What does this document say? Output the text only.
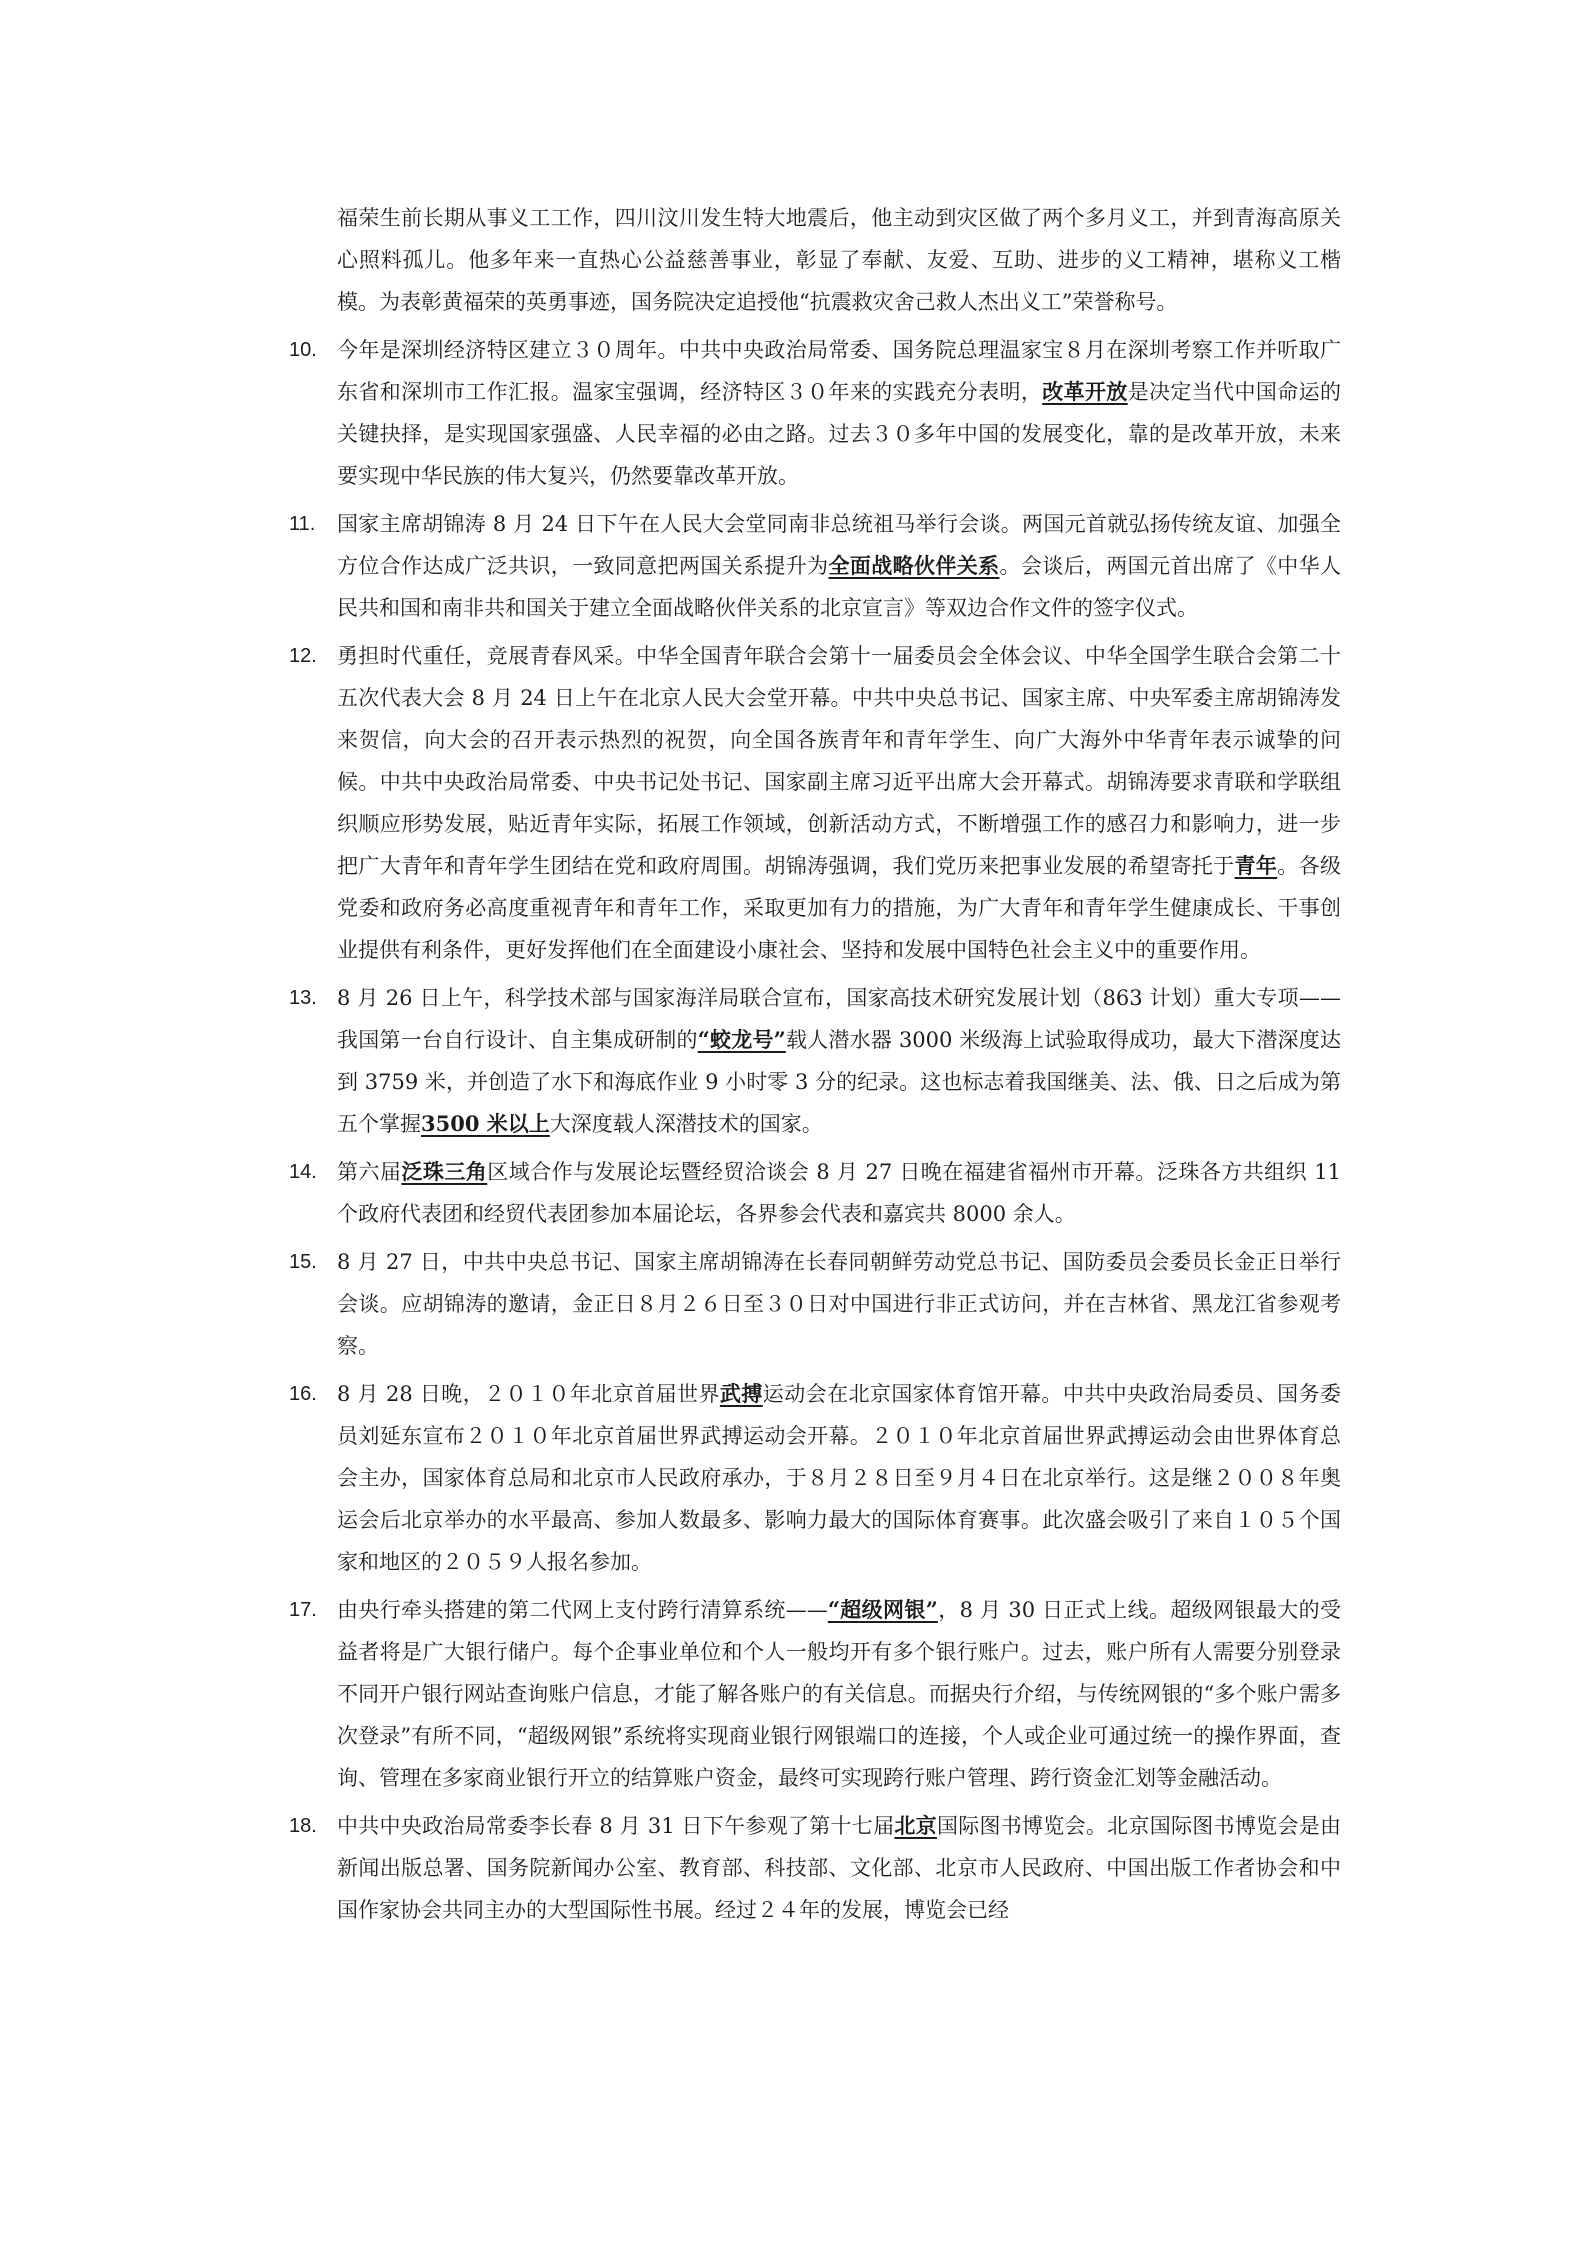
福荣生前长期从事义工工作，四川汶川发生特大地震后，他主动到灾区做了两个多月义工，并到青海高原关心照料孤儿。他多年来一直热心公益慈善事业，彰显了奉献、友爱、互助、进步的义工精神，堪称义工楷模。为表彰黄福荣的英勇事迹，国务院决定追授他“抗震救灾舍己救人杰出义工”荣誉称号。

10. 今年是深圳经济特区建立３０周年。中共中央政治局常委、国务院总理温家宝８月在深圳考察工作并听取广东省和深圳市工作汇报。温家宝强调，经济特区３０年来的实践充分表明，改革开放是决定当代中国命运的关键抉择，是实现国家强盛、人民幸福的必由之路。过去３０多年中国的发展变化，靠的是改革开放，未来要实现中华民族的伟大复兴，仍然要靠改革开放。

11.	国家主席胡锦涛 8 月 24 日下午在人民大会堂同南非总统祖马举行会谈。两国元首就弘扬传统友谊、加强全方位合作达成广泛共识，一致同意把两国关系提升为全面战略伙伴关系。会谈后，两国元首出席了《中华人民共和国和南非共和国关于建立全面战略伙伴关系的北京宣言》等双边合作文件的签字仪式。

12. 勇担时代重任，竞展青春风采。中华全国青年联合会第十一届委员会全体会议、中华全国学生联合会第二十五次代表大会 8 月 24 日上午在北京人民大会堂开幕。中共中央总书记、国家主席、中央军委主席胡锦涛发来贺信，向大会的召开表示热烈的祝贺，向全国各族青年和青年学生、向广大海外中华青年表示诚挚的问候。中共中央政治局常委、中央书记处书记、国家副主席习近平出席大会开幕式。胡锦涛要求青联和学联组织顺应形势发展，贴近青年实际，拓展工作领域，创新活动方式，不断增强工作的感召力和影响力，进一步把广大青年和青年学生团结在党和政府周围。胡锦涛强调，我们党历来把事业发展的希望寄托于青年。各级党委和政府务必高度重视青年和青年工作，采取更加有力的措施，为广大青年和青年学生健康成长、干事创业提供有利条件，更好发挥他们在全面建设小康社会、坚持和发展中国特色社会主义中的重要作用。

13. 8 月 26 日上午，科学技术部与国家海洋局联合宣布，国家高技术研究发展计划（863 计划）重大专项——我国第一台自行设计、自主集成研制的“蛟龙号”载人潜水器 3000 米级海上试验取得成功，最大下潜深度达到 3759 米，并创造了水下和海底作业 9 小时零 3 分的纪录。这也标志着我国继美、法、俄、日之后成为第五个掌握3500 米以上大深度载人深潜技术的国家。

14. 第六届泛珠三角区域合作与发展论坛暨经贸洽谈会 8 月 27 日晚在福建省福州市开幕。泛珠各方共组织 11 个政府代表团和经贸代表团参加本届论坛，各界参会代表和嘉宾共 8000 余人。

15. 8 月 27 日，中共中央总书记、国家主席胡锦涛在长春同朝鲜劳动党总书记、国防委员会委员长金正日举行会谈。应胡锦涛的邀请，金正日８月２６日至３０日对中国进行非正式访问，并在吉林省、黑龙江省参观考察。

16. 8 月 28 日晚，２０１０年北京首届世界武搏运动会在北京国家体育馆开幕。中共中央政治局委员、国务委员刘延东宣布２０１０年北京首届世界武搏运动会开幕。２０１０年北京首届世界武搏运动会由世界体育总会主办，国家体育总局和北京市人民政府承办，于８月２８日至９月４日在北京举行。这是继２００８年奥运会后北京举办的水平最高、参加人数最多、影响力最大的国际体育赛事。此次盛会吸引了来自１０５个国家和地区的２０５９人报名参加。

17. 由央行牵头搭建的第二代网上支付跨行清算系统——“超级网银”，8 月 30 日正式上线。超级网银最大的受益者将是广大银行储户。每个企事业单位和个人一般均开有多个银行账户。过去，账户所有人需要分别登录不同开户银行网站查询账户信息，才能了解各账户的有关信息。而据央行介绍，与传统网银的“多个账户需多次登录”有所不同，“超级网银”系统将实现商业银行网银端口的连接，个人或企业可通过统一的操作界面，查询、管理在多家商业银行开立的结算账户资金，最终可实现跨行账户管理、跨行资金汇划等金融活动。

18. 中共中央政治局常委李长春 8 月 31 日下午参观了第十七届北京国际图书博览会。北京国际图书博览会是由新闻出版总署、国务院新闻办公室、教育部、科技部、文化部、北京市人民政府、中国出版工作者协会和中国作家协会共同主办的大型国际性书展。经过２４年的发展，博览会已经
